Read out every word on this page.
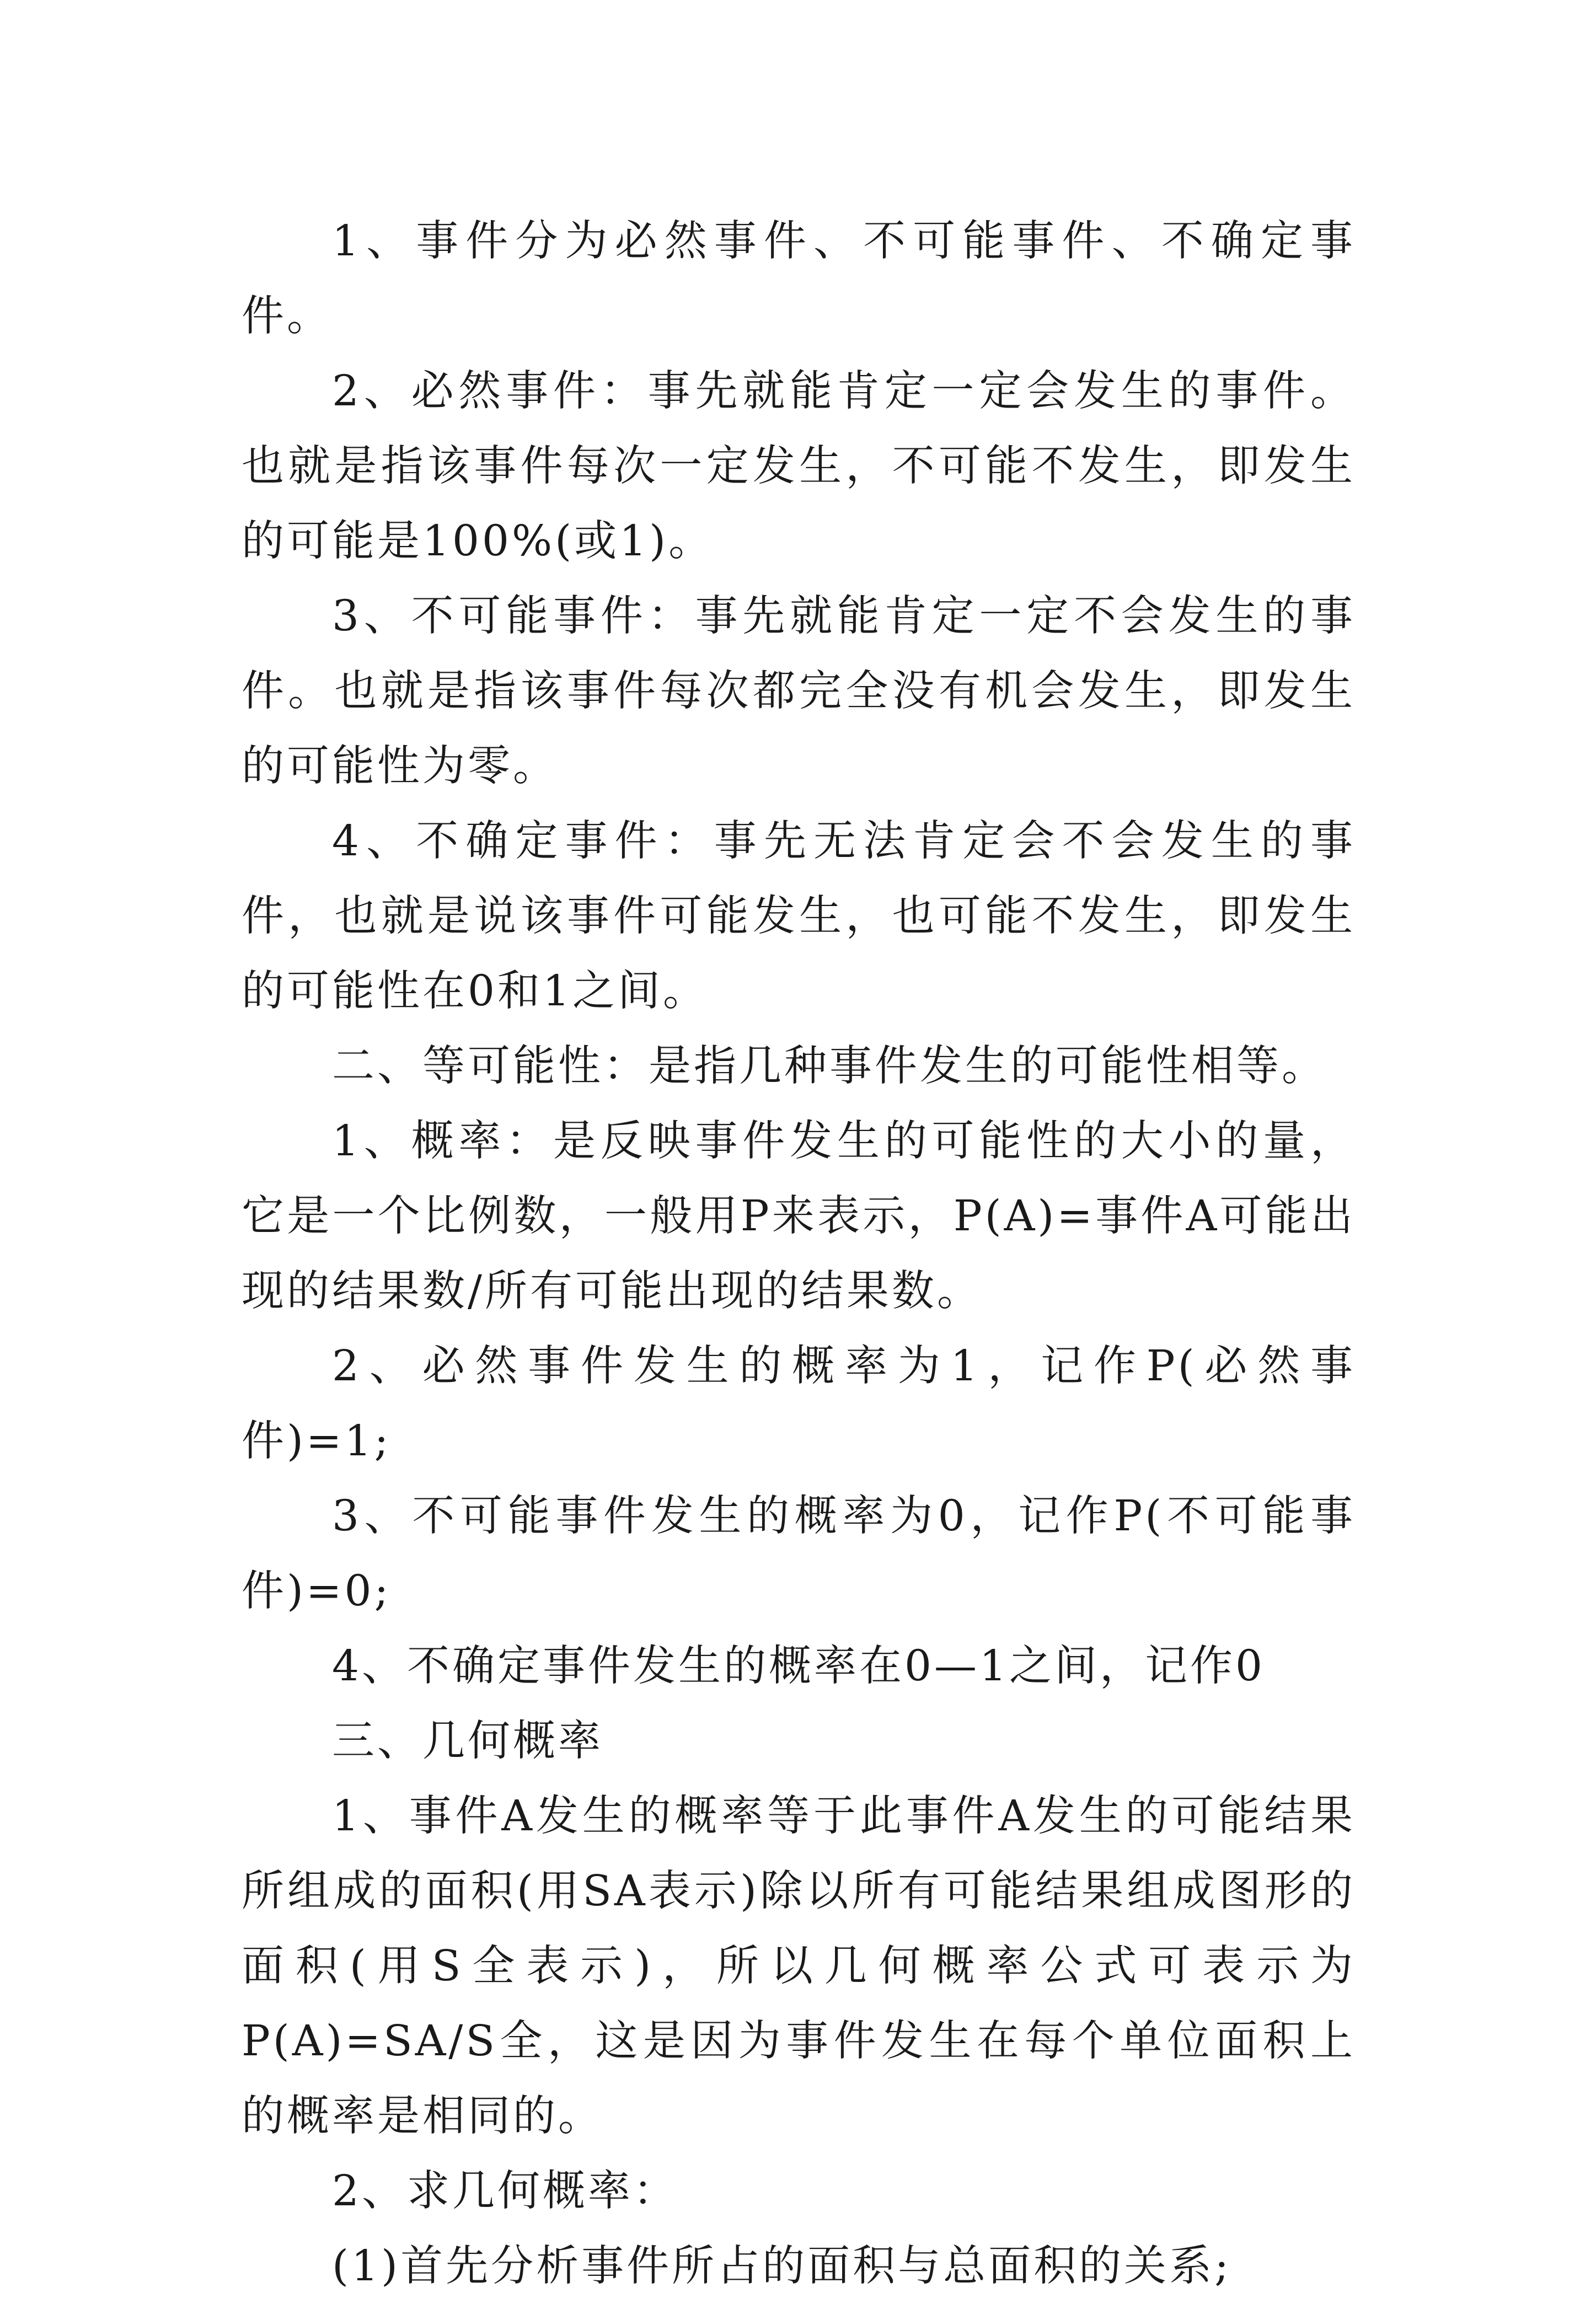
1、事件分为必然事件、不可能事件、不确定事件。

2、必然事件：事先就能肯定一定会发生的事件。也就是指该事件每次一定发生，不可能不发生，即发生的可能是100%(或1)。

3、不可能事件：事先就能肯定一定不会发生的事件。也就是指该事件每次都完全没有机会发生，即发生的可能性为零。

4、不确定事件：事先无法肯定会不会发生的事件，也就是说该事件可能发生，也可能不发生，即发生的可能性在0和1之间。

二、等可能性：是指几种事件发生的可能性相等。

1、概率：是反映事件发生的可能性的大小的量，它是一个比例数，一般用P来表示，P(A)=事件A可能出现的结果数/所有可能出现的结果数。

2、必然事件发生的概率为1，记作P(必然事件)=1;

3、不可能事件发生的概率为0，记作P(不可能事件)=0;

4、不确定事件发生的概率在0—1之间，记作0

三、几何概率

1、事件A发生的概率等于此事件A发生的可能结果所组成的面积(用SA表示)除以所有可能结果组成图形的面积(用S全表示)，所以几何概率公式可表示为P(A)=SA/S全，这是因为事件发生在每个单位面积上的概率是相同的。

2、求几何概率：

(1)首先分析事件所占的面积与总面积的关系;
